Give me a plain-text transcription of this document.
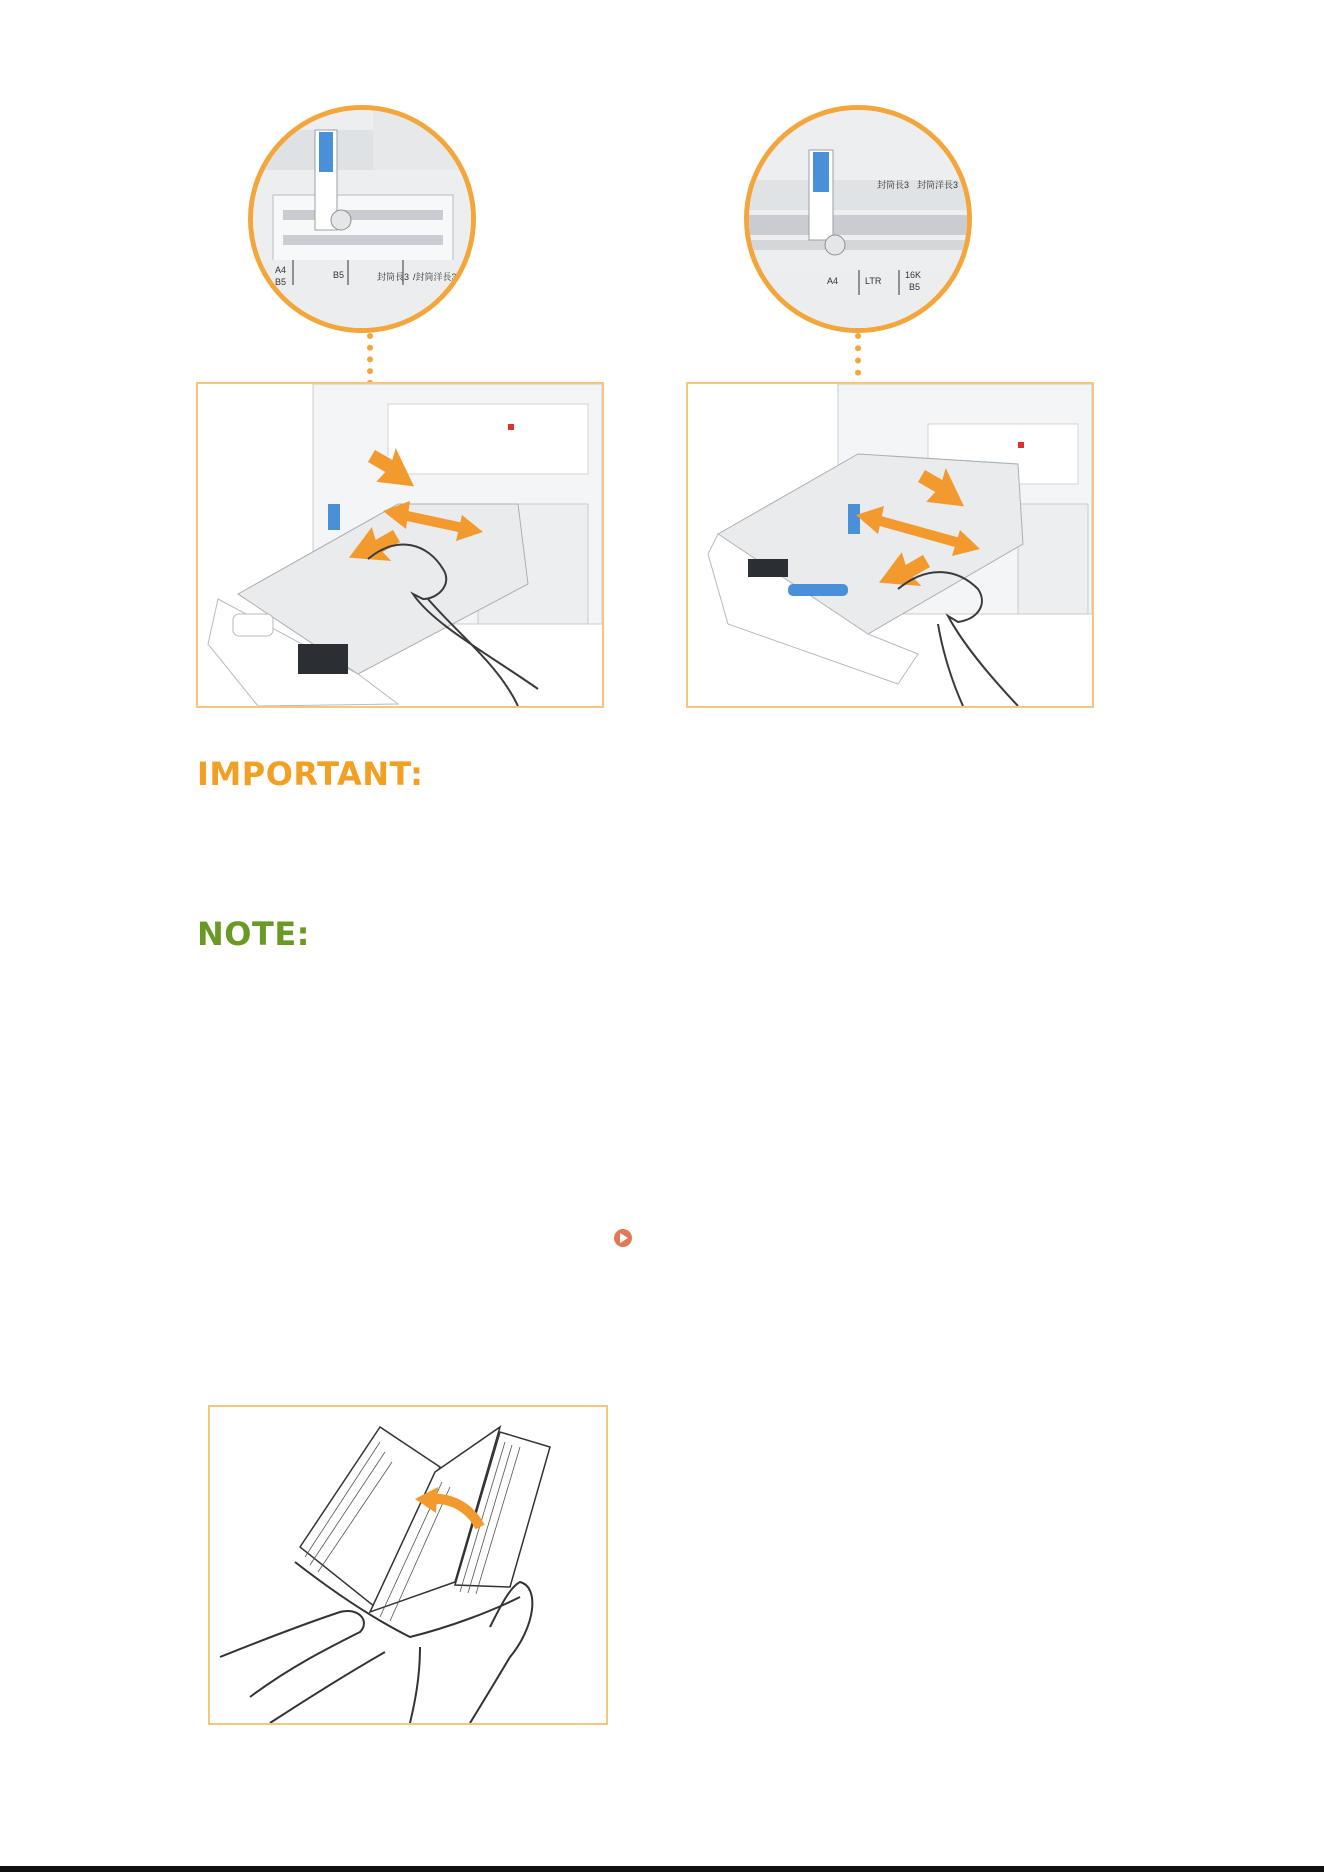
A4
B5
B5	封筒長3 /封筒洋長3
封筒長3 封筒洋長3
A4	LTR
16K
B5
IMPORTANT:
NOTE:
